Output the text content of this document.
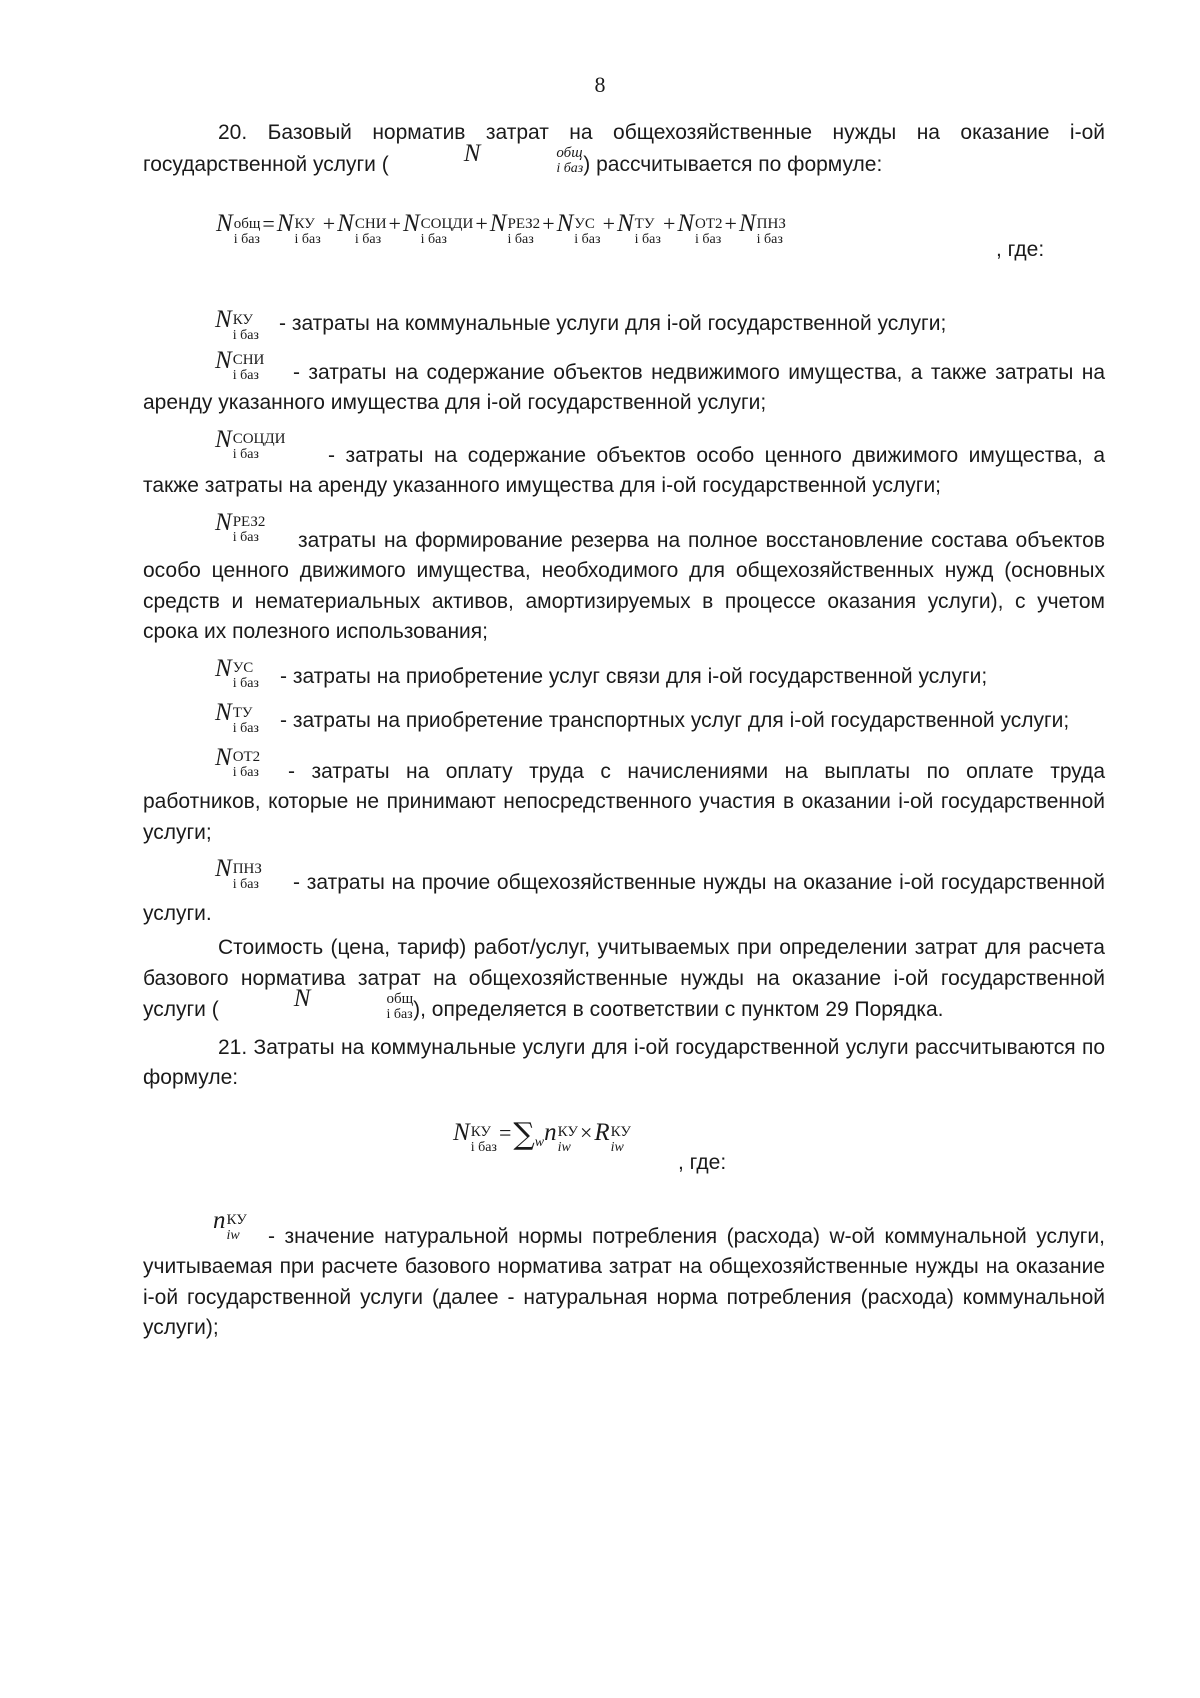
8

20. Базовый норматив затрат на общехозяйственные нужды на оказание i-ой государственной услуги (	N	общ
i баз ) рассчитывается по формуле:

N общ
i баз
=N КУ
i баз
+N СНИ
i баз
+N СОЦДИ
i баз
+N РЕЗ2
i баз
+N УС
i баз
+N ТУ
i баз
+N ОТ2
i баз
+N ПНЗ
i баз	, где:
N КУ
i баз

- затраты на коммунальные услуги для i-ой государственной услуги;

N СНИ
i баз	- затраты на содержание объектов недвижимого имущества, а также затраты на аренду указанного имущества для i-ой государственной услуги;

N СОЦДИ
i баз	- затраты на содержание объектов особо ценного движимого имущества, а также затраты на аренду указанного имущества для i-ой государственной услуги;

N РЕЗ2
i баз	затраты на формирование резерва на полное восстановление состава объектов особо ценного движимого имущества, необходимого для общехозяйственных нужд (основных средств и нематериальных активов, амортизируемых в процессе оказания услуги), с учетом срока их полезного использования;

N УС
i баз	- затраты на приобретение услуг связи для i-ой государственной услуги;

N ТУ
i баз	- затраты на приобретение транспортных услуг для i-ой государственной услуги;

N ОТ2
i баз	- затраты на оплату труда с начислениями на выплаты по оплате труда работников, которые не принимают непосредственного участия в оказании i-ой государственной услуги;

N ПНЗ
i баз	- затраты на прочие общехозяйственные нужды на оказание i-ой государственной услуги.

Стоимость (цена, тариф) работ/услуг, учитываемых при определении затрат для расчета базового норматива затрат на общехозяйственные нужды на оказание i-ой государственной услуги (	N	общ
i баз ), определяется в соответствии с пунктом 29 Порядка.

21. Затраты на коммунальные услуги для i-ой государственной услуги рассчитываются по формуле:

N КУ
i баз
$=\sum_wn$ КУ
iw
×R КУ
iw
, где:
n КУ
iw	- значение натуральной нормы потребления (расхода) w-ой коммунальной услуги, учитываемая при расчете базового норматива затрат на общехозяйственные нужды на оказание i-ой государственной услуги (далее - натуральная норма потребления (расхода) коммунальной услуги);
